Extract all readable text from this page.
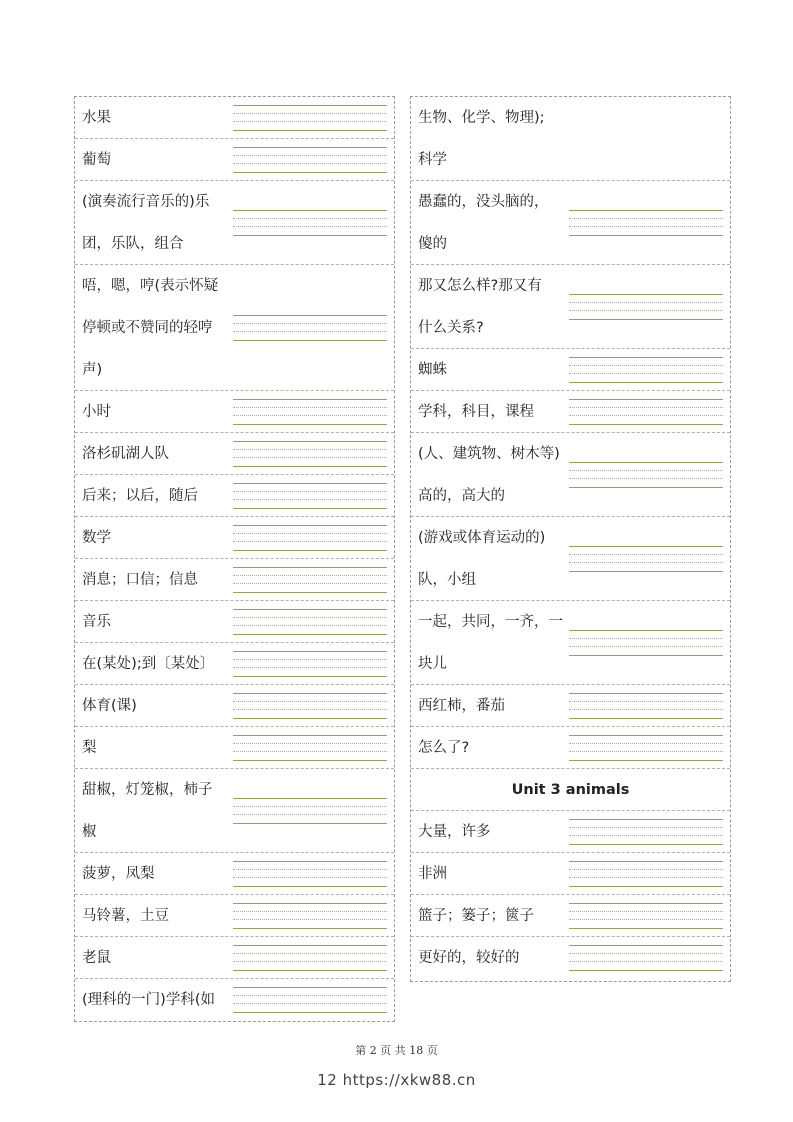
水果
葡萄
(演奏流行音乐的)乐
团，乐队，组合
唔，嗯，哼(表示怀疑
停顿或不赞同的轻哼
声)
小时
洛杉矶湖人队
后来；以后，随后
数学
消息；口信；信息
音乐
在(某处);到〔某处〕
体育(课)
梨
甜椒，灯笼椒，柿子
椒
菠萝，凤梨
马铃薯，土豆
老鼠
(理科的一门)学科(如
生物、化学、物理);
科学
愚蠢的，没头脑的，
傻的
那又怎么样?那又有
什么关系?
蜘蛛
学科，科目，课程
(人、建筑物、树木等)
高的，高大的
(游戏或体育运动的)
队，小组
一起，共同，一齐，一
块儿
西红柿，番茄
怎么了?
Unit 3 animals
大量，许多
非洲
篮子；篓子；篋子
更好的，较好的
第 2 页 共 18 页
12 https://xkw88.cn
